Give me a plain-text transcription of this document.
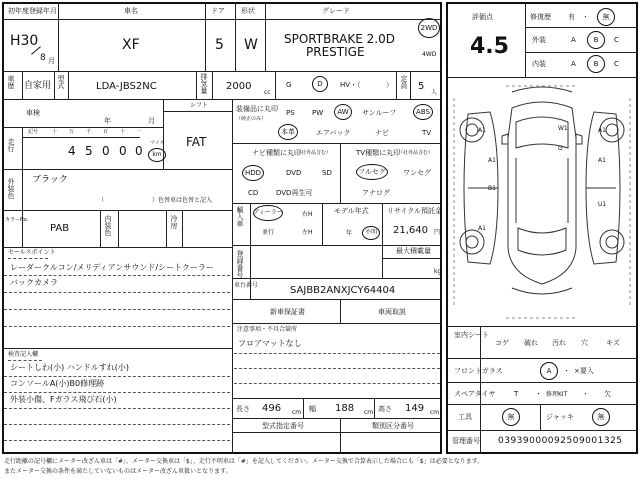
初年度登録年月
H30
8 月
車名
XF
ドア
5
形状
W
グレード
SPORTBRAKE 2.0D
PRESTIGE
2WD
4WD
車歴 自家用 型式	LDA-JBS2NC	排気量 2000
cc
G	D	HV・（	） 定員 5
人
車検
年	月
シフト
FAT
走行
記号	十 万 千 百 十 一
4 5 0 0 0
マイル
km
外装色 ブラック
（　　　　　　　　）色替車は色替と記入
カラーNo.
PAB	内装色	冷房
セールスポイント
レーダークルコン/メリディアンサウンド/シートクーラー
バックカメラ
検査記入欄
シートしわ(小) ハンドルすれ(小)
コンソールA(小)B0修理跡
外装小傷、Fガラス飛び石(小)
装備品に丸印
（純正のみ）
PS PW	AW	サンルーフ	ABS
本革	エアバック	ナビ	TV
ナビ種類に丸印
（社外品含む）
HDD	DVD	SD
CD	DVD再生可
TV種類に丸印
（社外品含む）
フルセグ	ワンセグ
アナログ
輸入車 ディーラー
並行
右H
左H
モデル年式
年	不明
リサイクル預託金
21,640 円
最大積載量
kg
登録番号
車台番号	SAJBB2ANXJCY64404
新車保証書	車両取説
注意事項・不具合箇所
フロアマットなし
長さ 496 cm 幅 188 cm 高さ 149 cm
型式指定番号	類別区分番号
評価点
4.5
修復歴 有 ・	無
外装	A	B	C
内装	A	B	C
A1	W1	A1
A1
G
A1
B1
U1
A1
室内シート
コゲ 破れ 汚れ 穴	キズ
フロントガラス	A	・ ×要入
スペアタイヤ	T ・ 修理KIT ・ 欠
工具	無	ジャッキ	無
管理番号 03939000092509001325
走行距離の記号欄にメーター改ざん車は「#」、メーター交換車は「$」、走行不明車は「#」を記入してください。メーター交換で合算表示した場合にも「$」は必要となります。
またメーター交換の条件を満たしていないものはメーター改ざん車扱いとなります。
